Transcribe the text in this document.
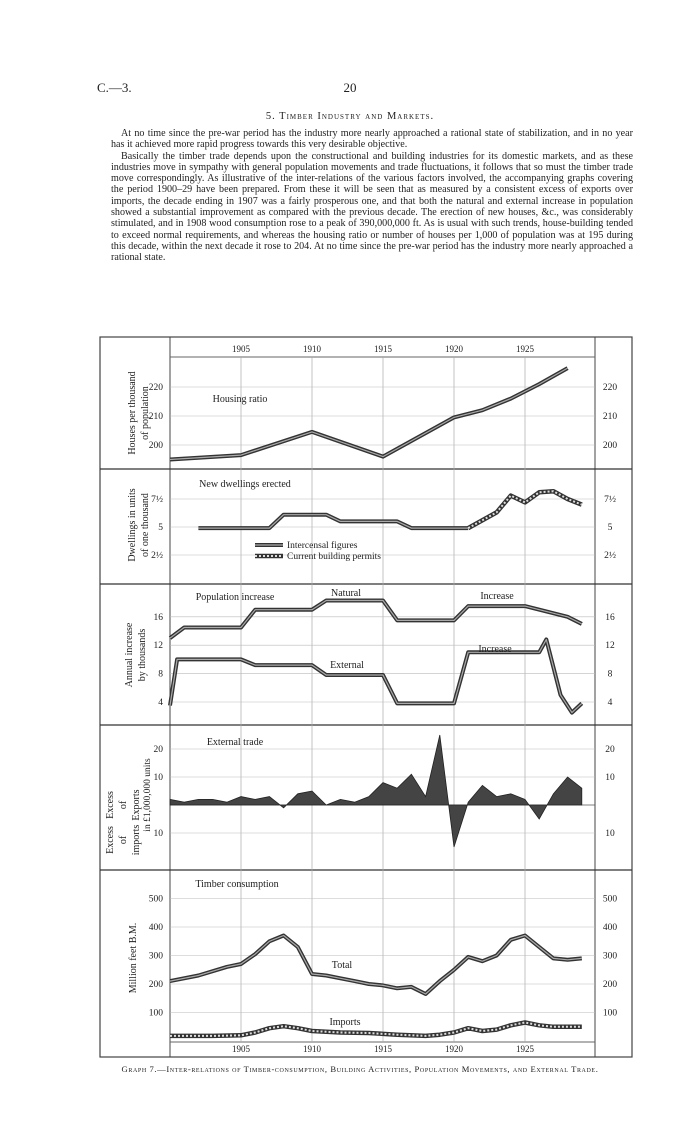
C.—3.	20
5. Timber Industry and Markets.

At no time since the pre-war period has the industry more nearly approached a rational state of stabilization, and in no year has it achieved more rapid progress towards this very desirable objective.

Basically the timber trade depends upon the constructional and building industries for its domestic markets, and as these industries move in sympathy with general population movements and trade fluctuations, it follows that so must the timber trade move correspondingly. As illustrative of the inter-relations of the various factors involved, the accompanying graphs covering the period 1900–29 have been prepared. From these it will be seen that as measured by a consistent excess of exports over imports, the decade ending in 1907 was a fairly prosperous one, and that both the natural and external increase in population showed a substantial improvement as compared with the previous decade. The erection of new houses, &c., was considerably stimulated, and in 1908 wood consumption rose to a peak of 390,000,000 ft. As is usual with such trends, house-building tended to exceed normal requirements, and whereas the housing ratio or number of houses per 1,000 of population was at 195 during this decade, within the next decade it rose to 204. At no time since the pre-war period has the industry more nearly approached a rational state.

1905	1910	1915	1920	1925
1905	1910	1915	1920	1925
200	200
210	210
220	220
Housing ratio
Houses per thousand of population
7½	7½
5	5
2½	2½
New dwellings erected
Intercensal figures
Current building permits
Dwellings in units of one thousand
4	4
8	8
12	12
16	16
Population increase	Natural	Increase
Increase
External
Annual increase by thousands
20	20
10	10
10	10
External trade
Excess of Exports
Excess of imports
in £1,000,000 units
100	100
200	200
300	300
400	400
500	500
Timber consumption
Total
Imports
Million feet B.M.
Graph 7.—Inter-relations of Timber-consumption, Building Activities, Population Movements, and External Trade.
